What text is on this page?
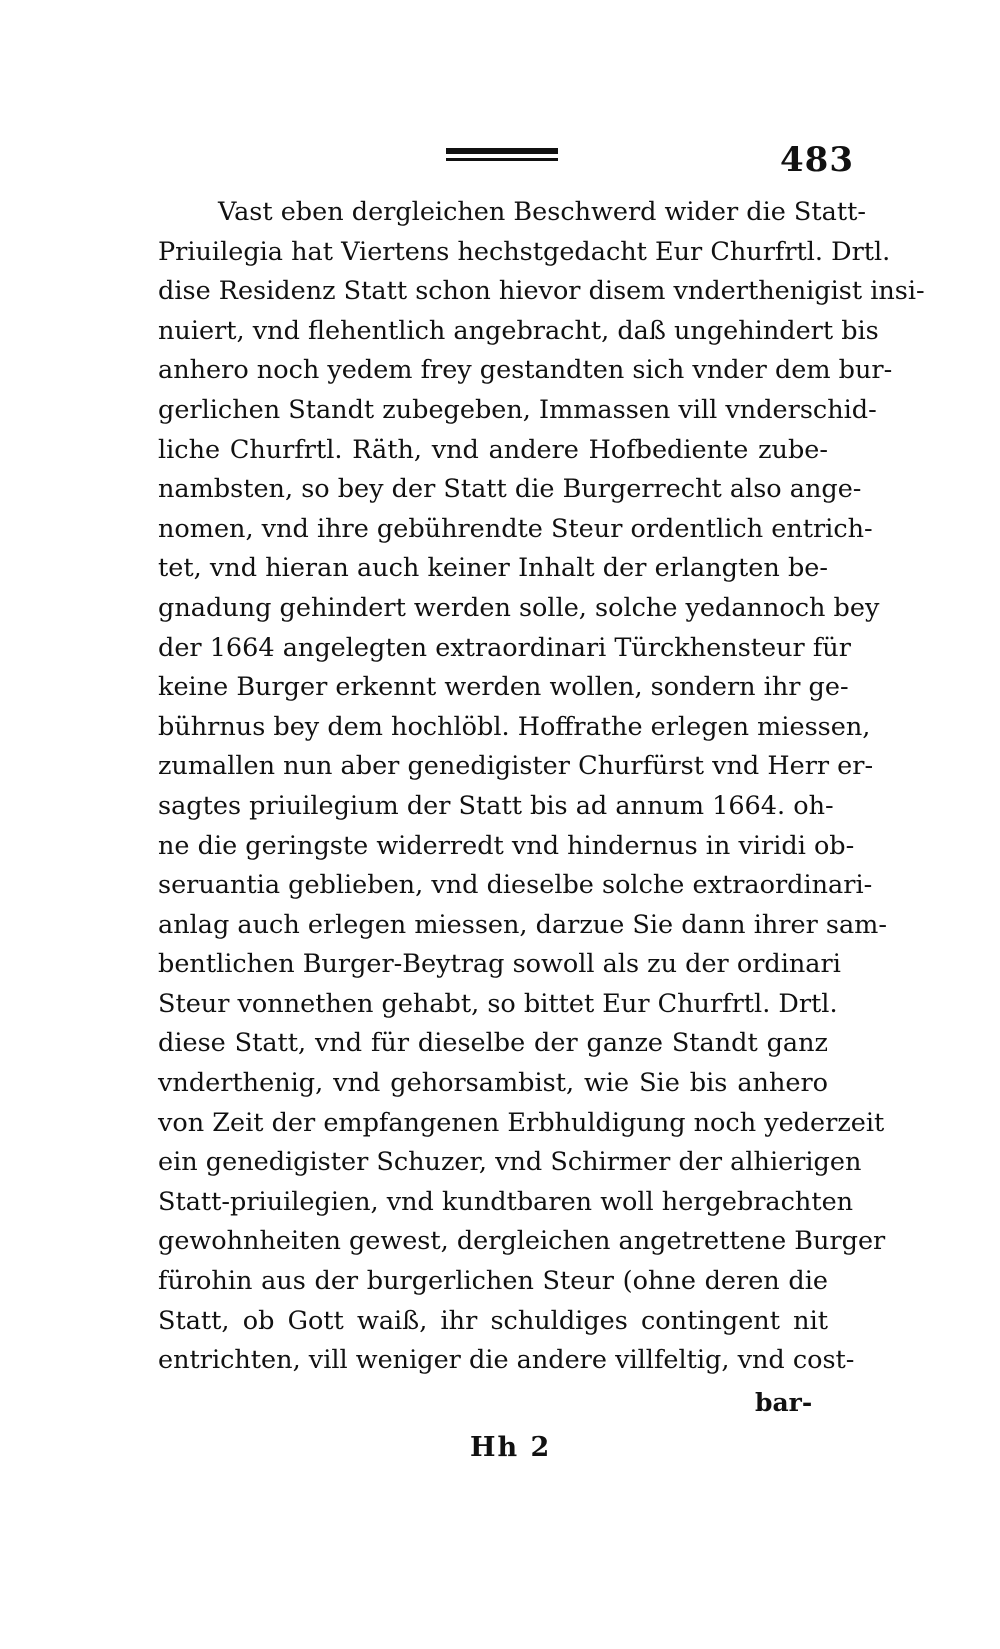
483
Vast eben dergleichen Beschwerd wider die Statt-
Priuilegia hat Viertens hechstgedacht Eur Churfrtl. Drtl.
dise Residenz Statt schon hievor disem vnderthenigist insi-
nuiert, vnd flehentlich angebracht, daß ungehindert bis
anhero noch yedem frey gestandten sich vnder dem bur-
gerlichen Standt zubegeben, Immassen vill vnderschid-
liche Churfrtl. Räth, vnd andere Hofbediente zube-
nambsten, so bey der Statt die Burgerrecht also ange-
nomen, vnd ihre gebührendte Steur ordentlich entrich-
tet, vnd hieran auch keiner Inhalt der erlangten be-
gnadung gehindert werden solle, solche yedannoch bey
der 1664 angelegten extraordinari Türckhensteur für
keine Burger erkennt werden wollen, sondern ihr ge-
bührnus bey dem hochlöbl. Hoffrathe erlegen miessen,
zumallen nun aber genedigister Churfürst vnd Herr er-
sagtes priuilegium der Statt bis ad annum 1664. oh-
ne die geringste widerredt vnd hindernus in viridi ob-
seruantia geblieben, vnd dieselbe solche extraordinari-
anlag auch erlegen miessen, darzue Sie dann ihrer sam-
bentlichen Burger-Beytrag sowoll als zu der ordinari
Steur vonnethen gehabt, so bittet Eur Churfrtl. Drtl.
diese Statt, vnd für dieselbe der ganze Standt ganz
vnderthenig, vnd gehorsambist, wie Sie bis anhero
von Zeit der empfangenen Erbhuldigung noch yederzeit
ein genedigister Schuzer, vnd Schirmer der alhierigen
Statt-priuilegien, vnd kundtbaren woll hergebrachten
gewohnheiten gewest, dergleichen angetrettene Burger
fürohin aus der burgerlichen Steur (ohne deren die
Statt, ob Gott waiß, ihr schuldiges contingent nit
entrichten, vill weniger die andere villfeltig, vnd cost-
bar-
Hh 2
